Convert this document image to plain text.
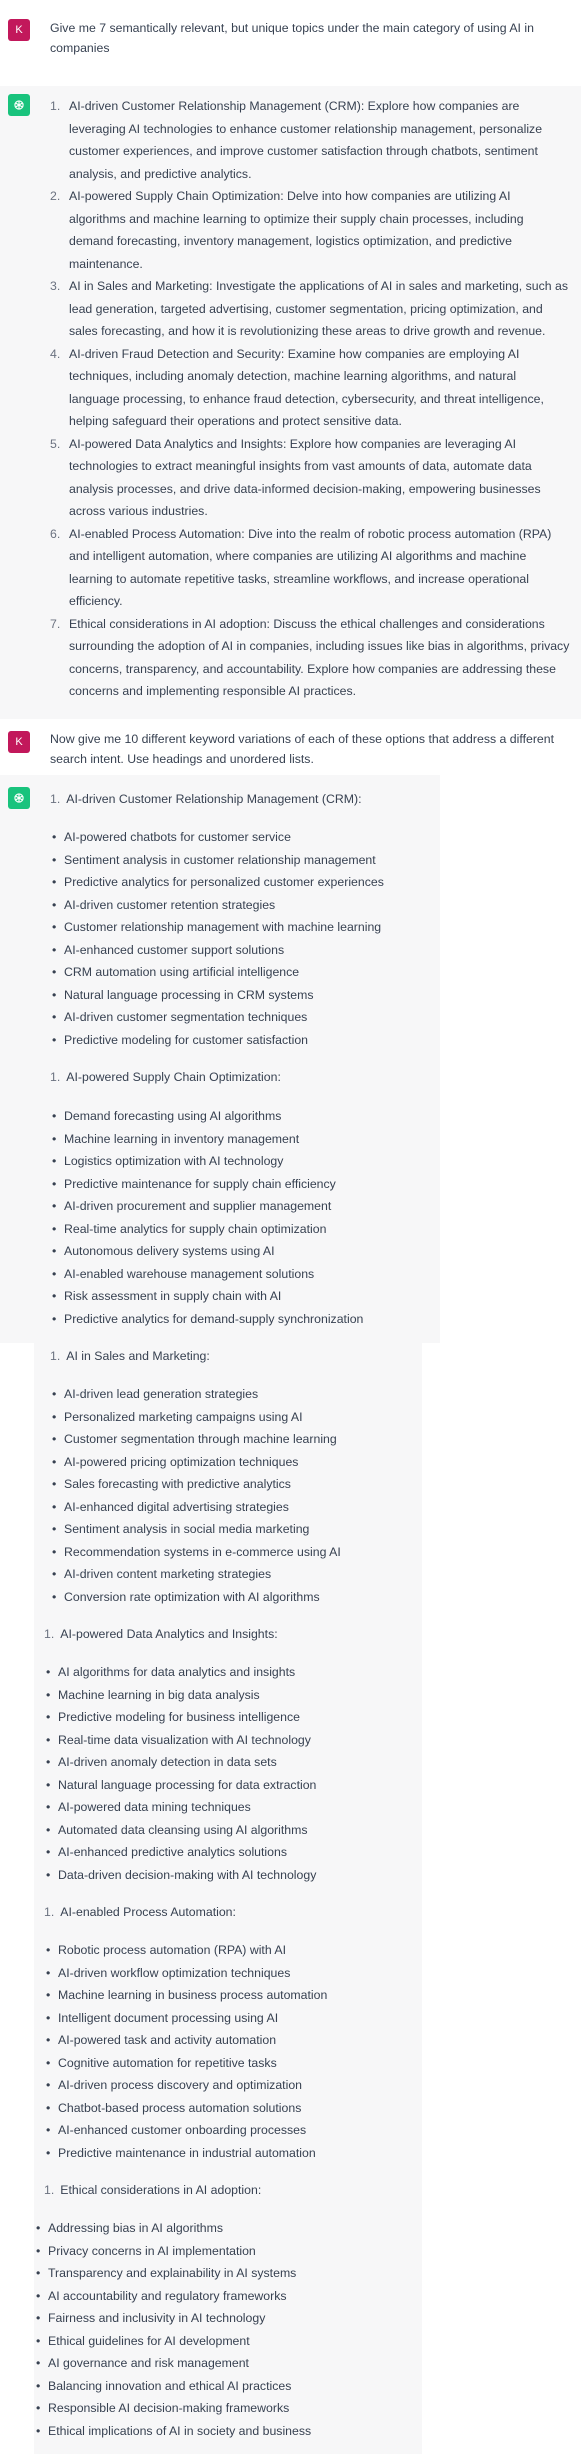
K Give me 7 semantically relevant, but unique topics under the main category of using AI in companies
1. AI-driven Customer Relationship Management (CRM): Explore how companies are leveraging AI technologies to enhance customer relationship management, personalize customer experiences, and improve customer satisfaction through chatbots, sentiment analysis, and predictive analytics.
2. AI-powered Supply Chain Optimization: Delve into how companies are utilizing AI algorithms and machine learning to optimize their supply chain processes, including demand forecasting, inventory management, logistics optimization, and predictive maintenance.
3. AI in Sales and Marketing: Investigate the applications of AI in sales and marketing, such as lead generation, targeted advertising, customer segmentation, pricing optimization, and sales forecasting, and how it is revolutionizing these areas to drive growth and revenue.
4. AI-driven Fraud Detection and Security: Examine how companies are employing AI techniques, including anomaly detection, machine learning algorithms, and natural language processing, to enhance fraud detection, cybersecurity, and threat intelligence, helping safeguard their operations and protect sensitive data.
5. AI-powered Data Analytics and Insights: Explore how companies are leveraging AI technologies to extract meaningful insights from vast amounts of data, automate data analysis processes, and drive data-informed decision-making, empowering businesses across various industries.
6. AI-enabled Process Automation: Dive into the realm of robotic process automation (RPA) and intelligent automation, where companies are utilizing AI algorithms and machine learning to automate repetitive tasks, streamline workflows, and increase operational efficiency.
7. Ethical considerations in AI adoption: Discuss the ethical challenges and considerations surrounding the adoption of AI in companies, including issues like bias in algorithms, privacy concerns, transparency, and accountability. Explore how companies are addressing these concerns and implementing responsible AI practices.
K Now give me 10 different keyword variations of each of these options that address a different search intent. Use headings and unordered lists.
1. AI-driven Customer Relationship Management (CRM):
• AI-powered chatbots for customer service
• Sentiment analysis in customer relationship management
• Predictive analytics for personalized customer experiences
• AI-driven customer retention strategies
• Customer relationship management with machine learning
• AI-enhanced customer support solutions
• CRM automation using artificial intelligence
• Natural language processing in CRM systems
• AI-driven customer segmentation techniques
• Predictive modeling for customer satisfaction
1. AI-powered Supply Chain Optimization:
• Demand forecasting using AI algorithms
• Machine learning in inventory management
• Logistics optimization with AI technology
• Predictive maintenance for supply chain efficiency
• AI-driven procurement and supplier management
• Real-time analytics for supply chain optimization
• Autonomous delivery systems using AI
• AI-enabled warehouse management solutions
• Risk assessment in supply chain with AI
• Predictive analytics for demand-supply synchronization
1. AI in Sales and Marketing:
• AI-driven lead generation strategies
• Personalized marketing campaigns using AI
• Customer segmentation through machine learning
• AI-powered pricing optimization techniques
• Sales forecasting with predictive analytics
• AI-enhanced digital advertising strategies
• Sentiment analysis in social media marketing
• Recommendation systems in e-commerce using AI
• AI-driven content marketing strategies
• Conversion rate optimization with AI algorithms
1. AI-powered Data Analytics and Insights:
• AI algorithms for data analytics and insights
• Machine learning in big data analysis
• Predictive modeling for business intelligence
• Real-time data visualization with AI technology
• AI-driven anomaly detection in data sets
• Natural language processing for data extraction
• AI-powered data mining techniques
• Automated data cleansing using AI algorithms
• AI-enhanced predictive analytics solutions
• Data-driven decision-making with AI technology
1. AI-enabled Process Automation:
• Robotic process automation (RPA) with AI
• AI-driven workflow optimization techniques
• Machine learning in business process automation
• Intelligent document processing using AI
• AI-powered task and activity automation
• Cognitive automation for repetitive tasks
• AI-driven process discovery and optimization
• Chatbot-based process automation solutions
• AI-enhanced customer onboarding processes
• Predictive maintenance in industrial automation
1. Ethical considerations in AI adoption:
• Addressing bias in AI algorithms
• Privacy concerns in AI implementation
• Transparency and explainability in AI systems
• AI accountability and regulatory frameworks
• Fairness and inclusivity in AI technology
• Ethical guidelines for AI development
• AI governance and risk management
• Balancing innovation and ethical AI practices
• Responsible AI decision-making frameworks
• Ethical implications of AI in society and business
